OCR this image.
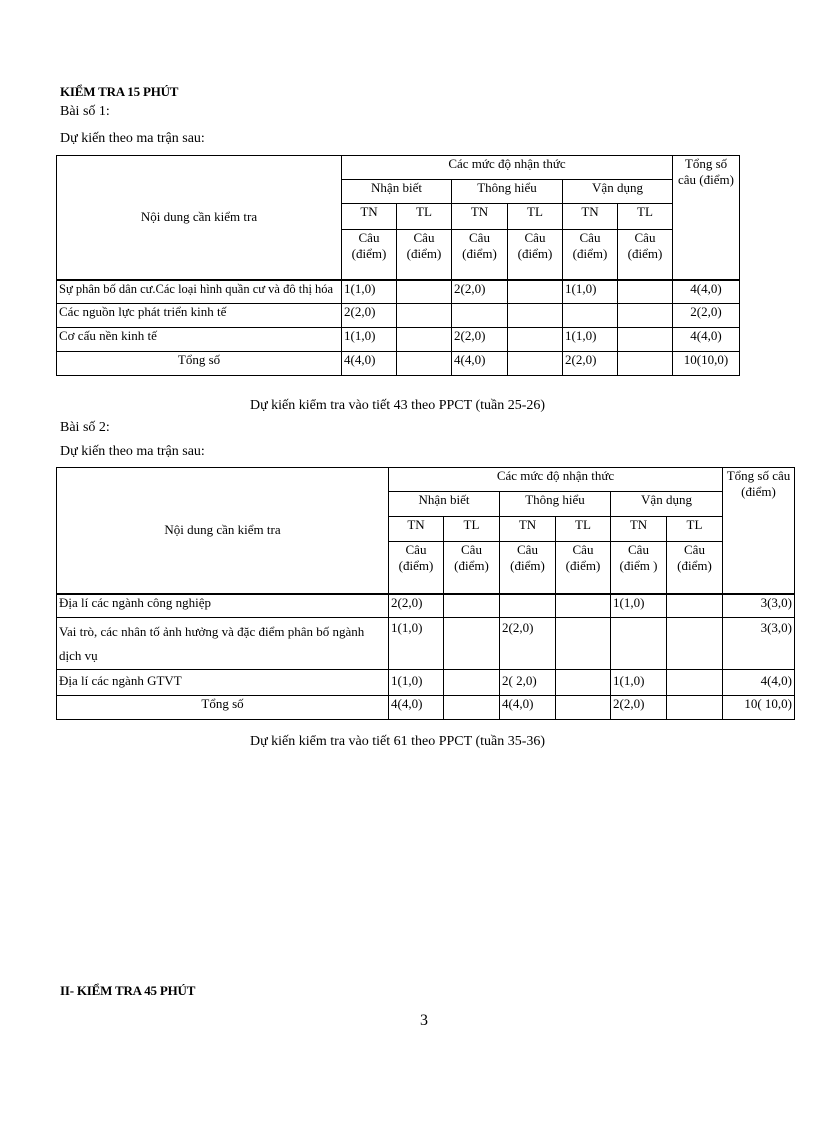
KIỂM TRA 15 PHÚT
Bài số 1:
Dự kiến theo ma trận sau:
Nội dung cần kiểm tra	Các mức độ nhận thức						Tổng số câu (điểm)
	Nhận biết		Thông hiểu		Vận dụng		
	TN	TL	TN	TL	TN	TL	
	Câu (điểm)	Câu (điểm)	Câu (điểm)	Câu (điểm)	Câu (điểm)	Câu (điểm)	
Sự phân bố dân cư.Các loại hình quần cư và đô thị hóa	1(1,0)		2(2,0)		1(1,0)		4(4,0)
Các nguồn lực phát triển kinh tế	2(2,0)						2(2,0)
Cơ cấu nền kinh tế	1(1,0)		2(2,0)		1(1,0)		4(4,0)
Tổng số	4(4,0)		4(4,0)		2(2,0)		10(10,0)
Dự kiến kiểm tra vào tiết 43 theo PPCT (tuần 25-26)
Bài số 2:
Dự kiến theo ma trận sau:
Nội dung cần kiểm tra	Các mức độ nhận thức						Tổng số câu (điểm)
	Nhận biết		Thông hiểu		Vận dụng		
	TN	TL	TN	TL	TN	TL	
	Câu (điểm)	Câu (điểm)	Câu (điểm)	Câu (điểm)	Câu (điểm )	Câu (điểm)	
Địa lí các ngành công nghiệp	2(2,0)				1(1,0)		3(3,0)
Vai trò, các nhân tố ảnh hưởng và đặc điểm phân bố ngành dịch vụ	1(1,0)		2(2,0)				3(3,0)
Địa lí các ngành GTVT	1(1,0)		2( 2,0)		1(1,0)		4(4,0)
Tổng số	4(4,0)		4(4,0)		2(2,0)		10( 10,0)
Dự kiến kiểm tra vào tiết 61 theo PPCT (tuần 35-36)
II- KIỂM TRA 45 PHÚT
3
